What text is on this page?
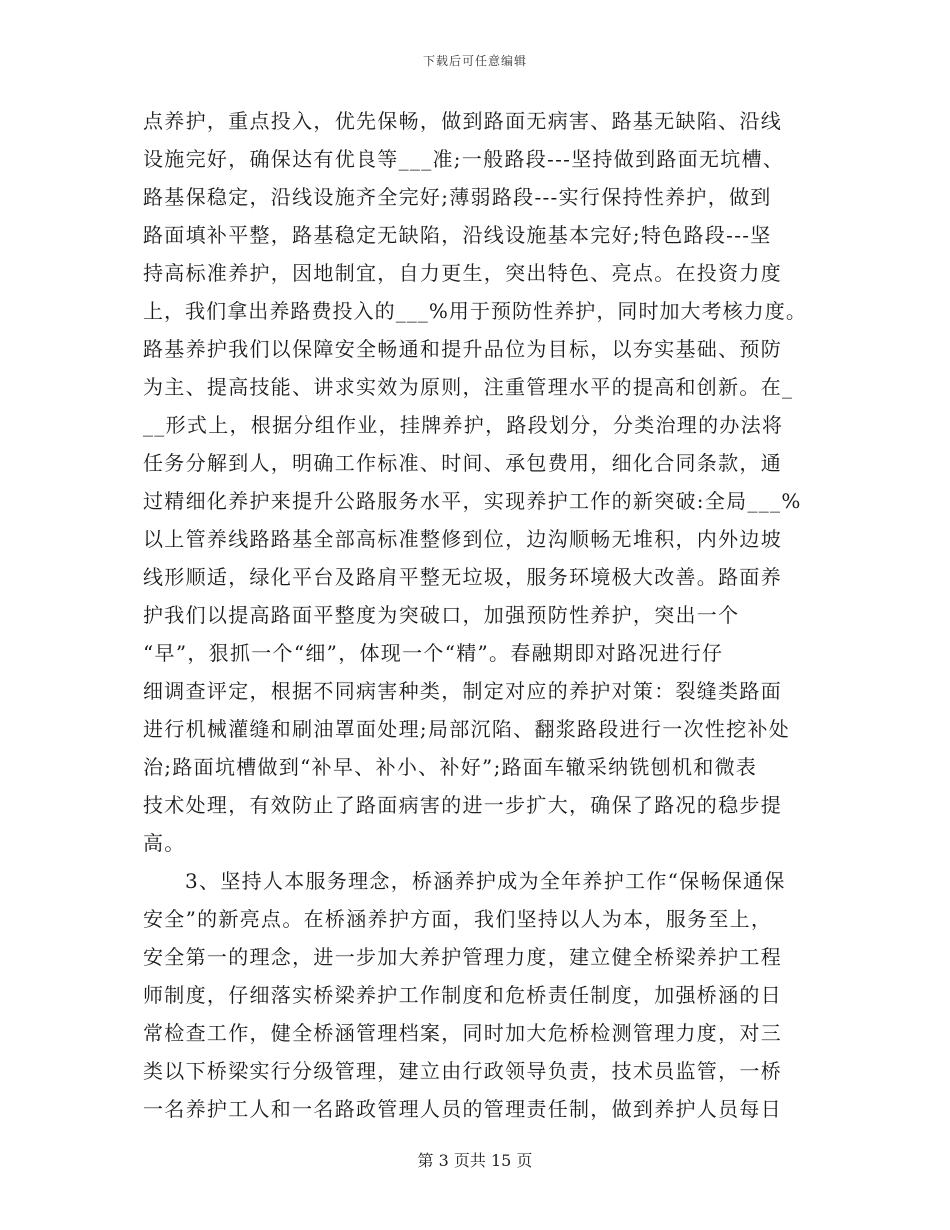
下载后可任意编辑
点养护，重点投入，优先保畅，做到路面无病害、路基无缺陷、沿线
设施完好，确保达有优良等___准;一般路段---坚持做到路面无坑槽、
路基保稳定，沿线设施齐全完好;薄弱路段---实行保持性养护，做到
路面填补平整，路基稳定无缺陷，沿线设施基本完好;特色路段---坚
持高标准养护，因地制宜，自力更生，突出特色、亮点。在投资力度
上，我们拿出养路费投入的___%用于预防性养护，同时加大考核力度。
路基养护我们以保障安全畅通和提升品位为目标，以夯实基础、预防
为主、提高技能、讲求实效为原则，注重管理水平的提高和创新。在_
__形式上，根据分组作业，挂牌养护，路段划分，分类治理的办法将
任务分解到人，明确工作标准、时间、承包费用，细化合同条款，通
过精细化养护来提升公路服务水平，实现养护工作的新突破:全局___%
以上管养线路路基全部高标准整修到位，边沟顺畅无堆积，内外边坡
线形顺适，绿化平台及路肩平整无垃圾，服务环境极大改善。路面养
护我们以提高路面平整度为突破口，加强预防性养护，突出一个
“早”，狠抓一个“细”，体现一个“精”。春融期即对路况进行仔
细调查评定，根据不同病害种类，制定对应的养护对策：裂缝类路面
进行机械灌缝和刷油罩面处理;局部沉陷、翻浆路段进行一次性挖补处
治;路面坑槽做到“补早、补小、补好”;路面车辙采纳铣刨机和微表
技术处理，有效防止了路面病害的进一步扩大，确保了路况的稳步提
高。
3、坚持人本服务理念，桥涵养护成为全年养护工作“保畅保通保
安全”的新亮点。在桥涵养护方面，我们坚持以人为本，服务至上，
安全第一的理念，进一步加大养护管理力度，建立健全桥梁养护工程
师制度，仔细落实桥梁养护工作制度和危桥责任制度，加强桥涵的日
常检查工作，健全桥涵管理档案，同时加大危桥检测管理力度，对三
类以下桥梁实行分级管理，建立由行政领导负责，技术员监管，一桥
一名养护工人和一名路政管理人员的管理责任制，做到养护人员每日
第 3 页共 15 页
